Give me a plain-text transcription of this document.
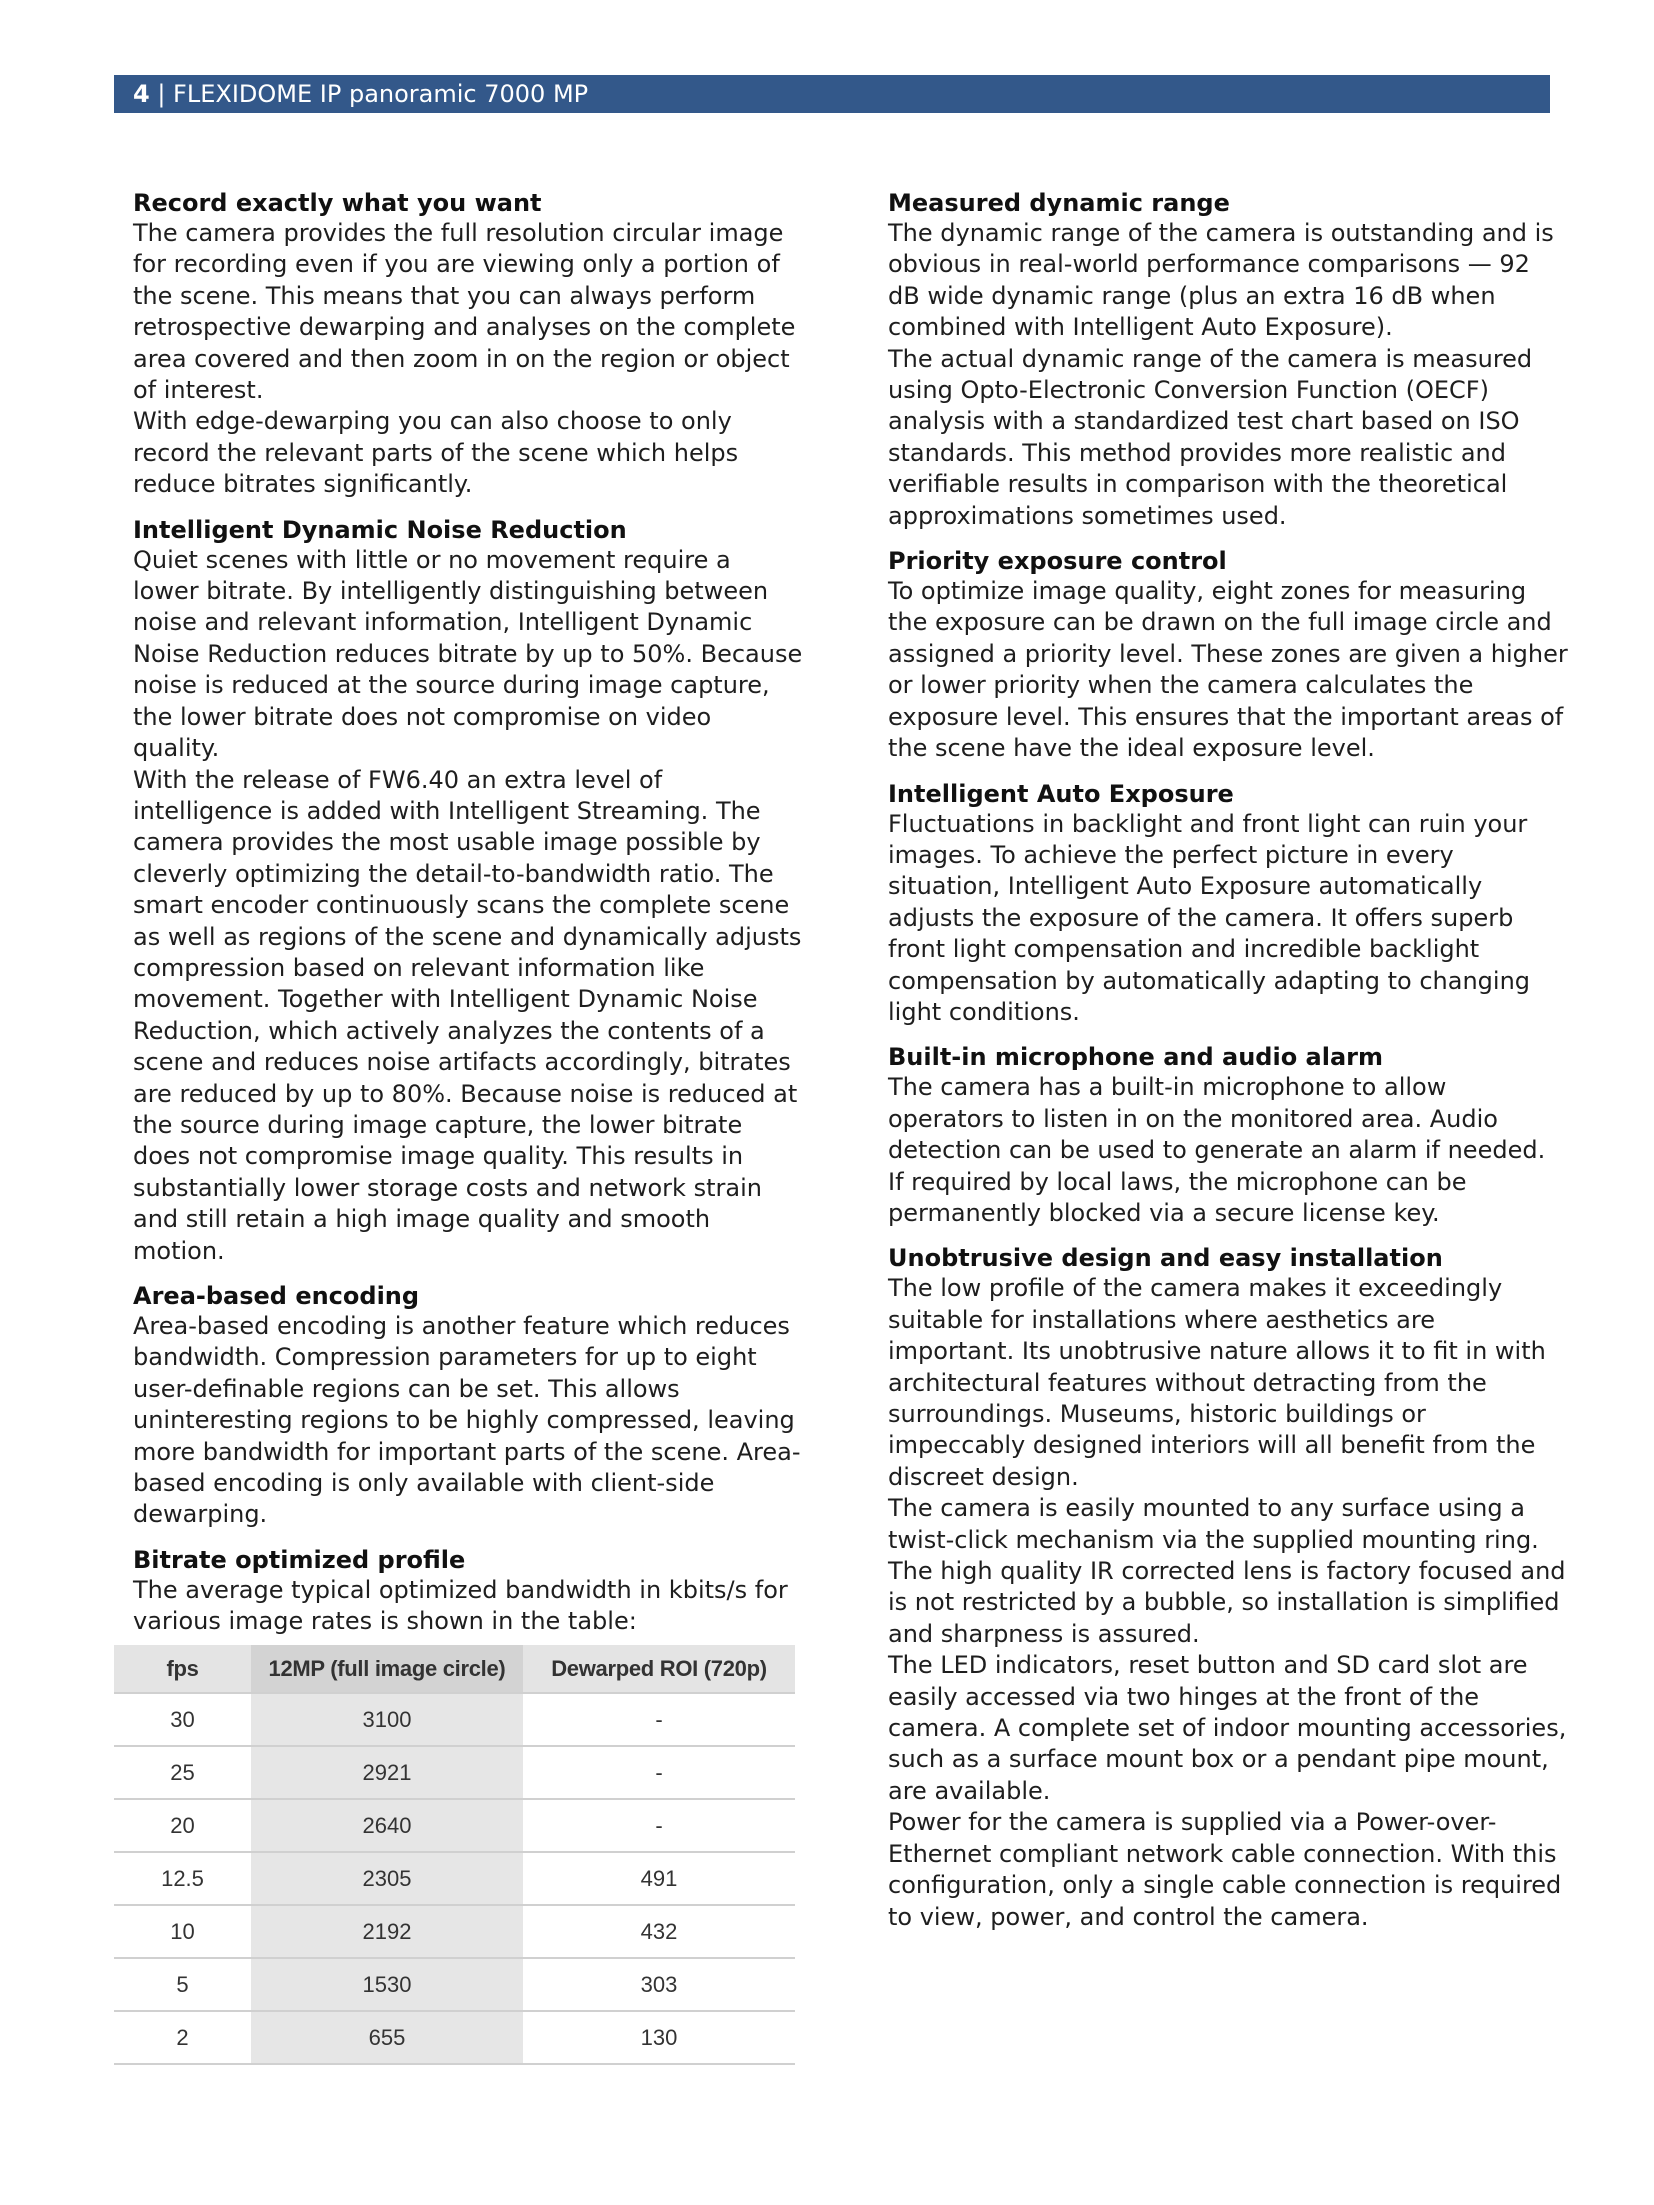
4 | FLEXIDOME IP panoramic 7000 MP
Record exactly what you want

The camera provides the full resolution circular image for recording even if you are viewing only a portion of the scene. This means that you can always perform retrospective dewarping and analyses on the complete area covered and then zoom in on the region or object of interest.

With edge-dewarping you can also choose to only record the relevant parts of the scene which helps reduce bitrates significantly.

Intelligent Dynamic Noise Reduction

Quiet scenes with little or no movement require a lower bitrate. By intelligently distinguishing between noise and relevant information, Intelligent Dynamic Noise Reduction reduces bitrate by up to 50%. Because noise is reduced at the source during image capture, the lower bitrate does not compromise on video quality.

With the release of FW6.40 an extra level of intelligence is added with Intelligent Streaming. The camera provides the most usable image possible by cleverly optimizing the detail-to-bandwidth ratio. The smart encoder continuously scans the complete scene as well as regions of the scene and dynamically adjusts compression based on relevant information like movement. Together with Intelligent Dynamic Noise Reduction, which actively analyzes the contents of a scene and reduces noise artifacts accordingly, bitrates are reduced by up to 80%. Because noise is reduced at the source during image capture, the lower bitrate does not compromise image quality. This results in substantially lower storage costs and network strain and still retain a high image quality and smooth motion.

Area-based encoding

Area-based encoding is another feature which reduces bandwidth. Compression parameters for up to eight user-definable regions can be set. This allows uninteresting regions to be highly compressed, leaving more bandwidth for important parts of the scene. Area-based encoding is only available with client-side dewarping.

Bitrate optimized profile

The average typical optimized bandwidth in kbits/s for various image rates is shown in the table:

fps	12MP (full image circle)	Dewarped ROI (720p)
30	3100	-
25	2921	-
20	2640	-
12.5	2305	491
10	2192	432
5	1530	303
2	655	130
Measured dynamic range

The dynamic range of the camera is outstanding and is obvious in real-world performance comparisons — 92 dB wide dynamic range (plus an extra 16 dB when combined with Intelligent Auto Exposure).

The actual dynamic range of the camera is measured using Opto-Electronic Conversion Function (OECF) analysis with a standardized test chart based on ISO standards. This method provides more realistic and verifiable results in comparison with the theoretical approximations sometimes used.

Priority exposure control

To optimize image quality, eight zones for measuring the exposure can be drawn on the full image circle and assigned a priority level. These zones are given a higher or lower priority when the camera calculates the exposure level. This ensures that the important areas of the scene have the ideal exposure level.

Intelligent Auto Exposure

Fluctuations in backlight and front light can ruin your images. To achieve the perfect picture in every situation, Intelligent Auto Exposure automatically adjusts the exposure of the camera. It offers superb front light compensation and incredible backlight compensation by automatically adapting to changing light conditions.

Built-in microphone and audio alarm

The camera has a built-in microphone to allow operators to listen in on the monitored area. Audio detection can be used to generate an alarm if needed. If required by local laws, the microphone can be permanently blocked via a secure license key.

Unobtrusive design and easy installation

The low profile of the camera makes it exceedingly suitable for installations where aesthetics are important. Its unobtrusive nature allows it to fit in with architectural features without detracting from the surroundings. Museums, historic buildings or impeccably designed interiors will all benefit from the discreet design.

The camera is easily mounted to any surface using a twist-click mechanism via the supplied mounting ring. The high quality IR corrected lens is factory focused and is not restricted by a bubble, so installation is simplified and sharpness is assured.

The LED indicators, reset button and SD card slot are easily accessed via two hinges at the front of the camera. A complete set of indoor mounting accessories, such as a surface mount box or a pendant pipe mount, are available.

Power for the camera is supplied via a Power-over-Ethernet compliant network cable connection. With this configuration, only a single cable connection is required to view, power, and control the camera.
